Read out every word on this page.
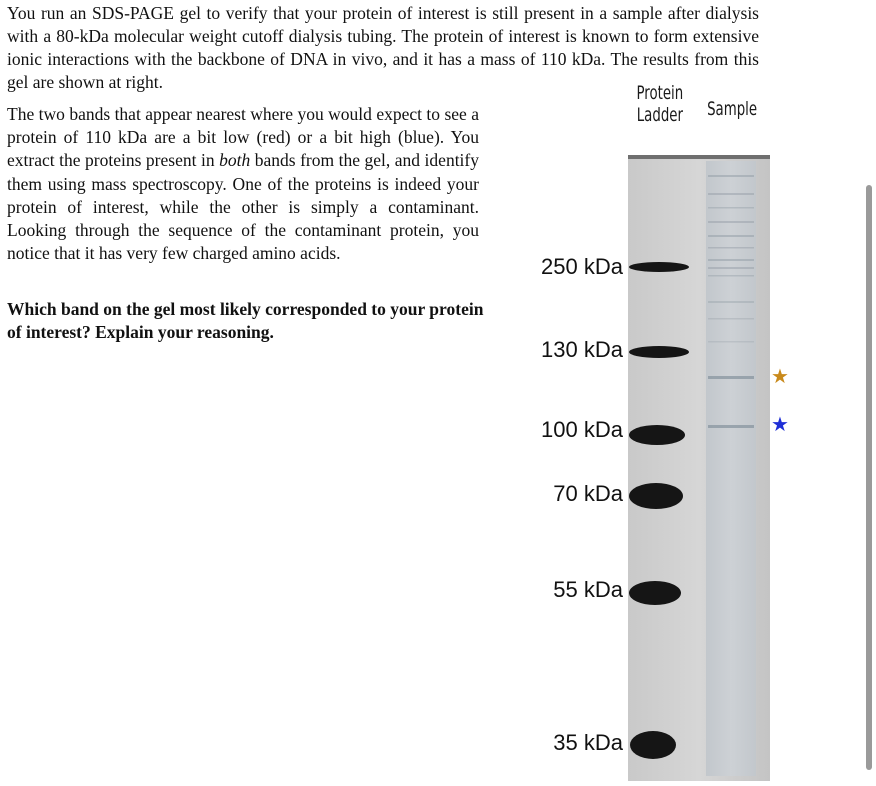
You run an SDS-PAGE gel to verify that your protein of interest is still present in a sample after dialysis with a 80-kDa molecular weight cutoff dialysis tubing. The protein of interest is known to form extensive ionic interactions with the backbone of DNA in vivo, and it has a mass of 110 kDa. The results from this gel are shown at right.

The two bands that appear nearest where you would expect to see a protein of 110 kDa are a bit low (red) or a bit high (blue). You extract the proteins present in both bands from the gel, and identify them using mass spectroscopy. One of the proteins is indeed your protein of interest, while the other is simply a contaminant. Looking through the sequence of the contaminant protein, you notice that it has very few charged amino acids.

Which band on the gel most likely corresponded to your protein of interest? Explain your reasoning.

Protein
Ladder	Sample
250 kDa
130 kDa
100 kDa
70 kDa
55 kDa
35 kDa
★
★
